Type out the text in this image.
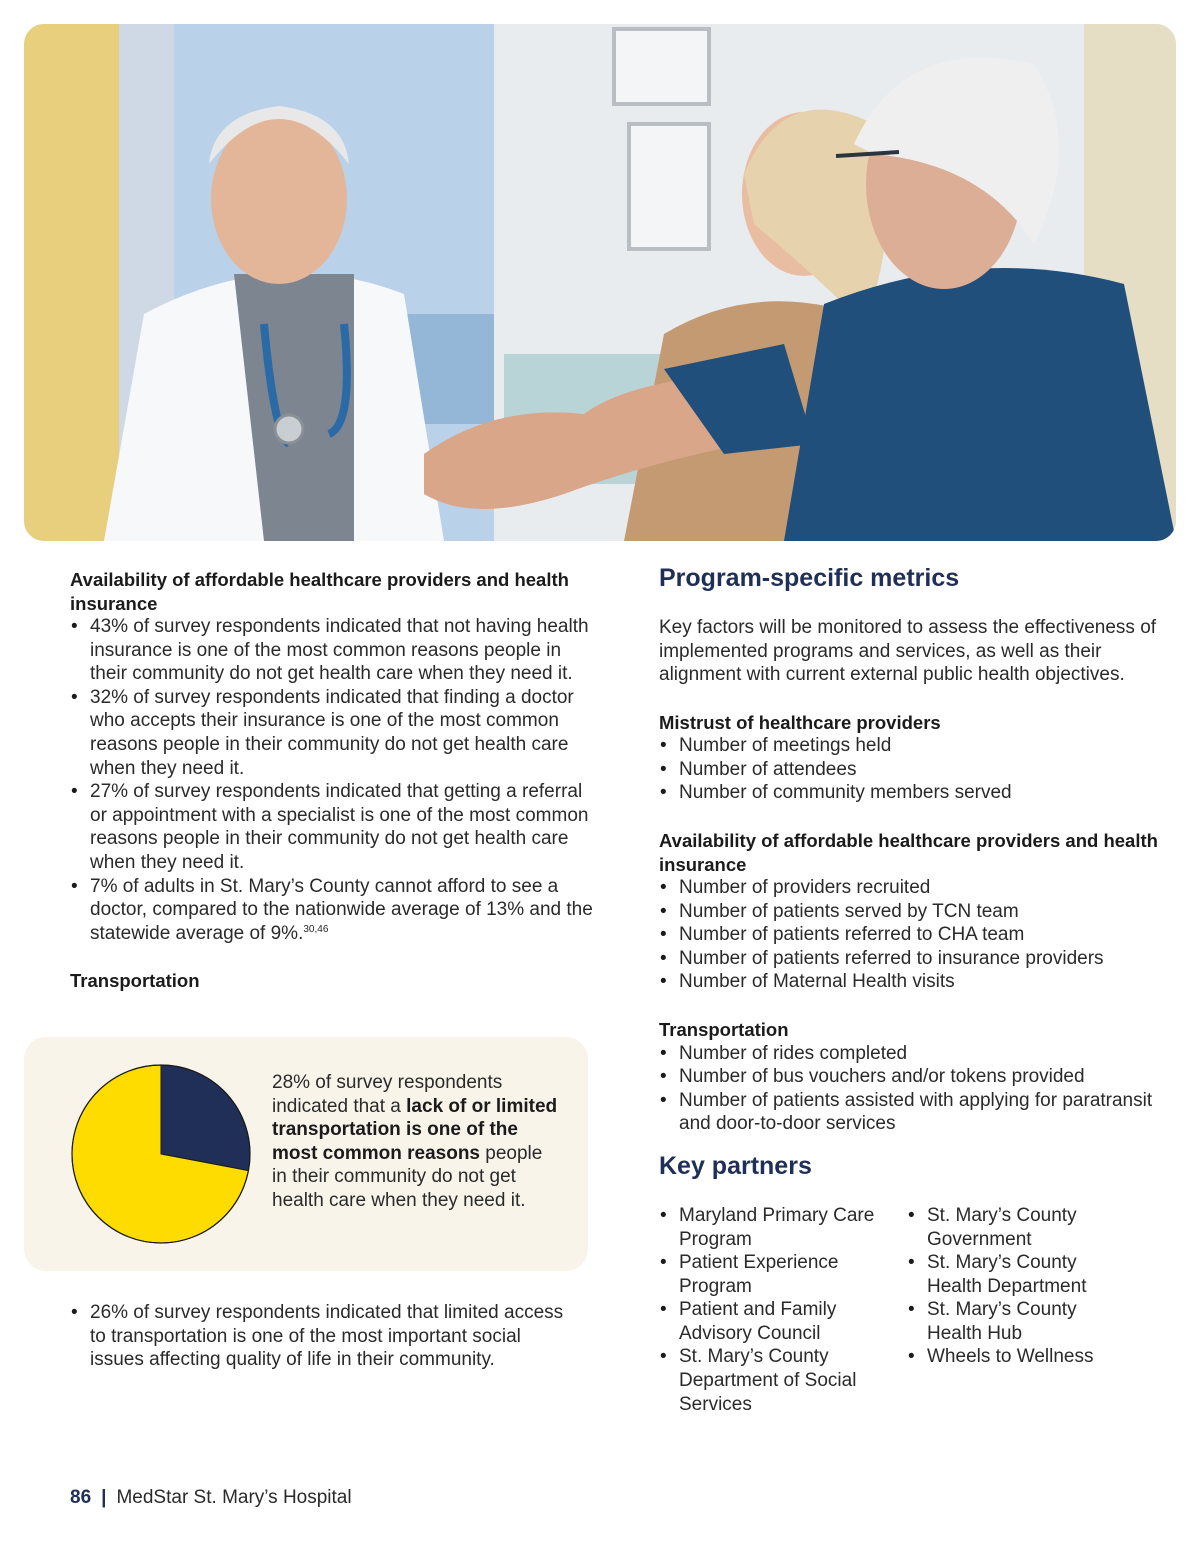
Availability of affordable healthcare providers and health insurance

• 43% of survey respondents indicated that not having health insurance is one of the most common reasons people in their community do not get health care when they need it.
• 32% of survey respondents indicated that finding a doctor who accepts their insurance is one of the most common reasons people in their community do not get health care when they need it.
• 27% of survey respondents indicated that getting a referral or appointment with a specialist is one of the most common reasons people in their community do not get health care when they need it.
• 7% of adults in St. Mary’s County cannot afford to see a doctor, compared to the nationwide average of 13% and the statewide average of 9%.$^{30,46}$

Transportation

28% of survey respondents indicated that a lack of or limited transportation is one of the most common reasons people in their community do not get health care when they need it.

• 26% of survey respondents indicated that limited access to transportation is one of the most important social issues affecting quality of life in their community.
Program-specific metrics

Key factors will be monitored to assess the effectiveness of implemented programs and services, as well as their alignment with current external public health objectives.

Mistrust of healthcare providers

• Number of meetings held
• Number of attendees
• Number of community members served

Availability of affordable healthcare providers and health insurance

• Number of providers recruited
• Number of patients served by TCN team
• Number of patients referred to CHA team
• Number of patients referred to insurance providers
• Number of Maternal Health visits

Transportation

• Number of rides completed
• Number of bus vouchers and/or tokens provided
• Number of patients assisted with applying for paratransit and door-to-door services
Key partners
• Maryland Primary Care Program
• Patient Experience Program
• Patient and Family Advisory Council
• St. Mary’s County Department of Social Services
• St. Mary’s County Government
• St. Mary’s County Health Department
• St. Mary’s County Health Hub
• Wheels to Wellness
86 | MedStar St. Mary’s Hospital
